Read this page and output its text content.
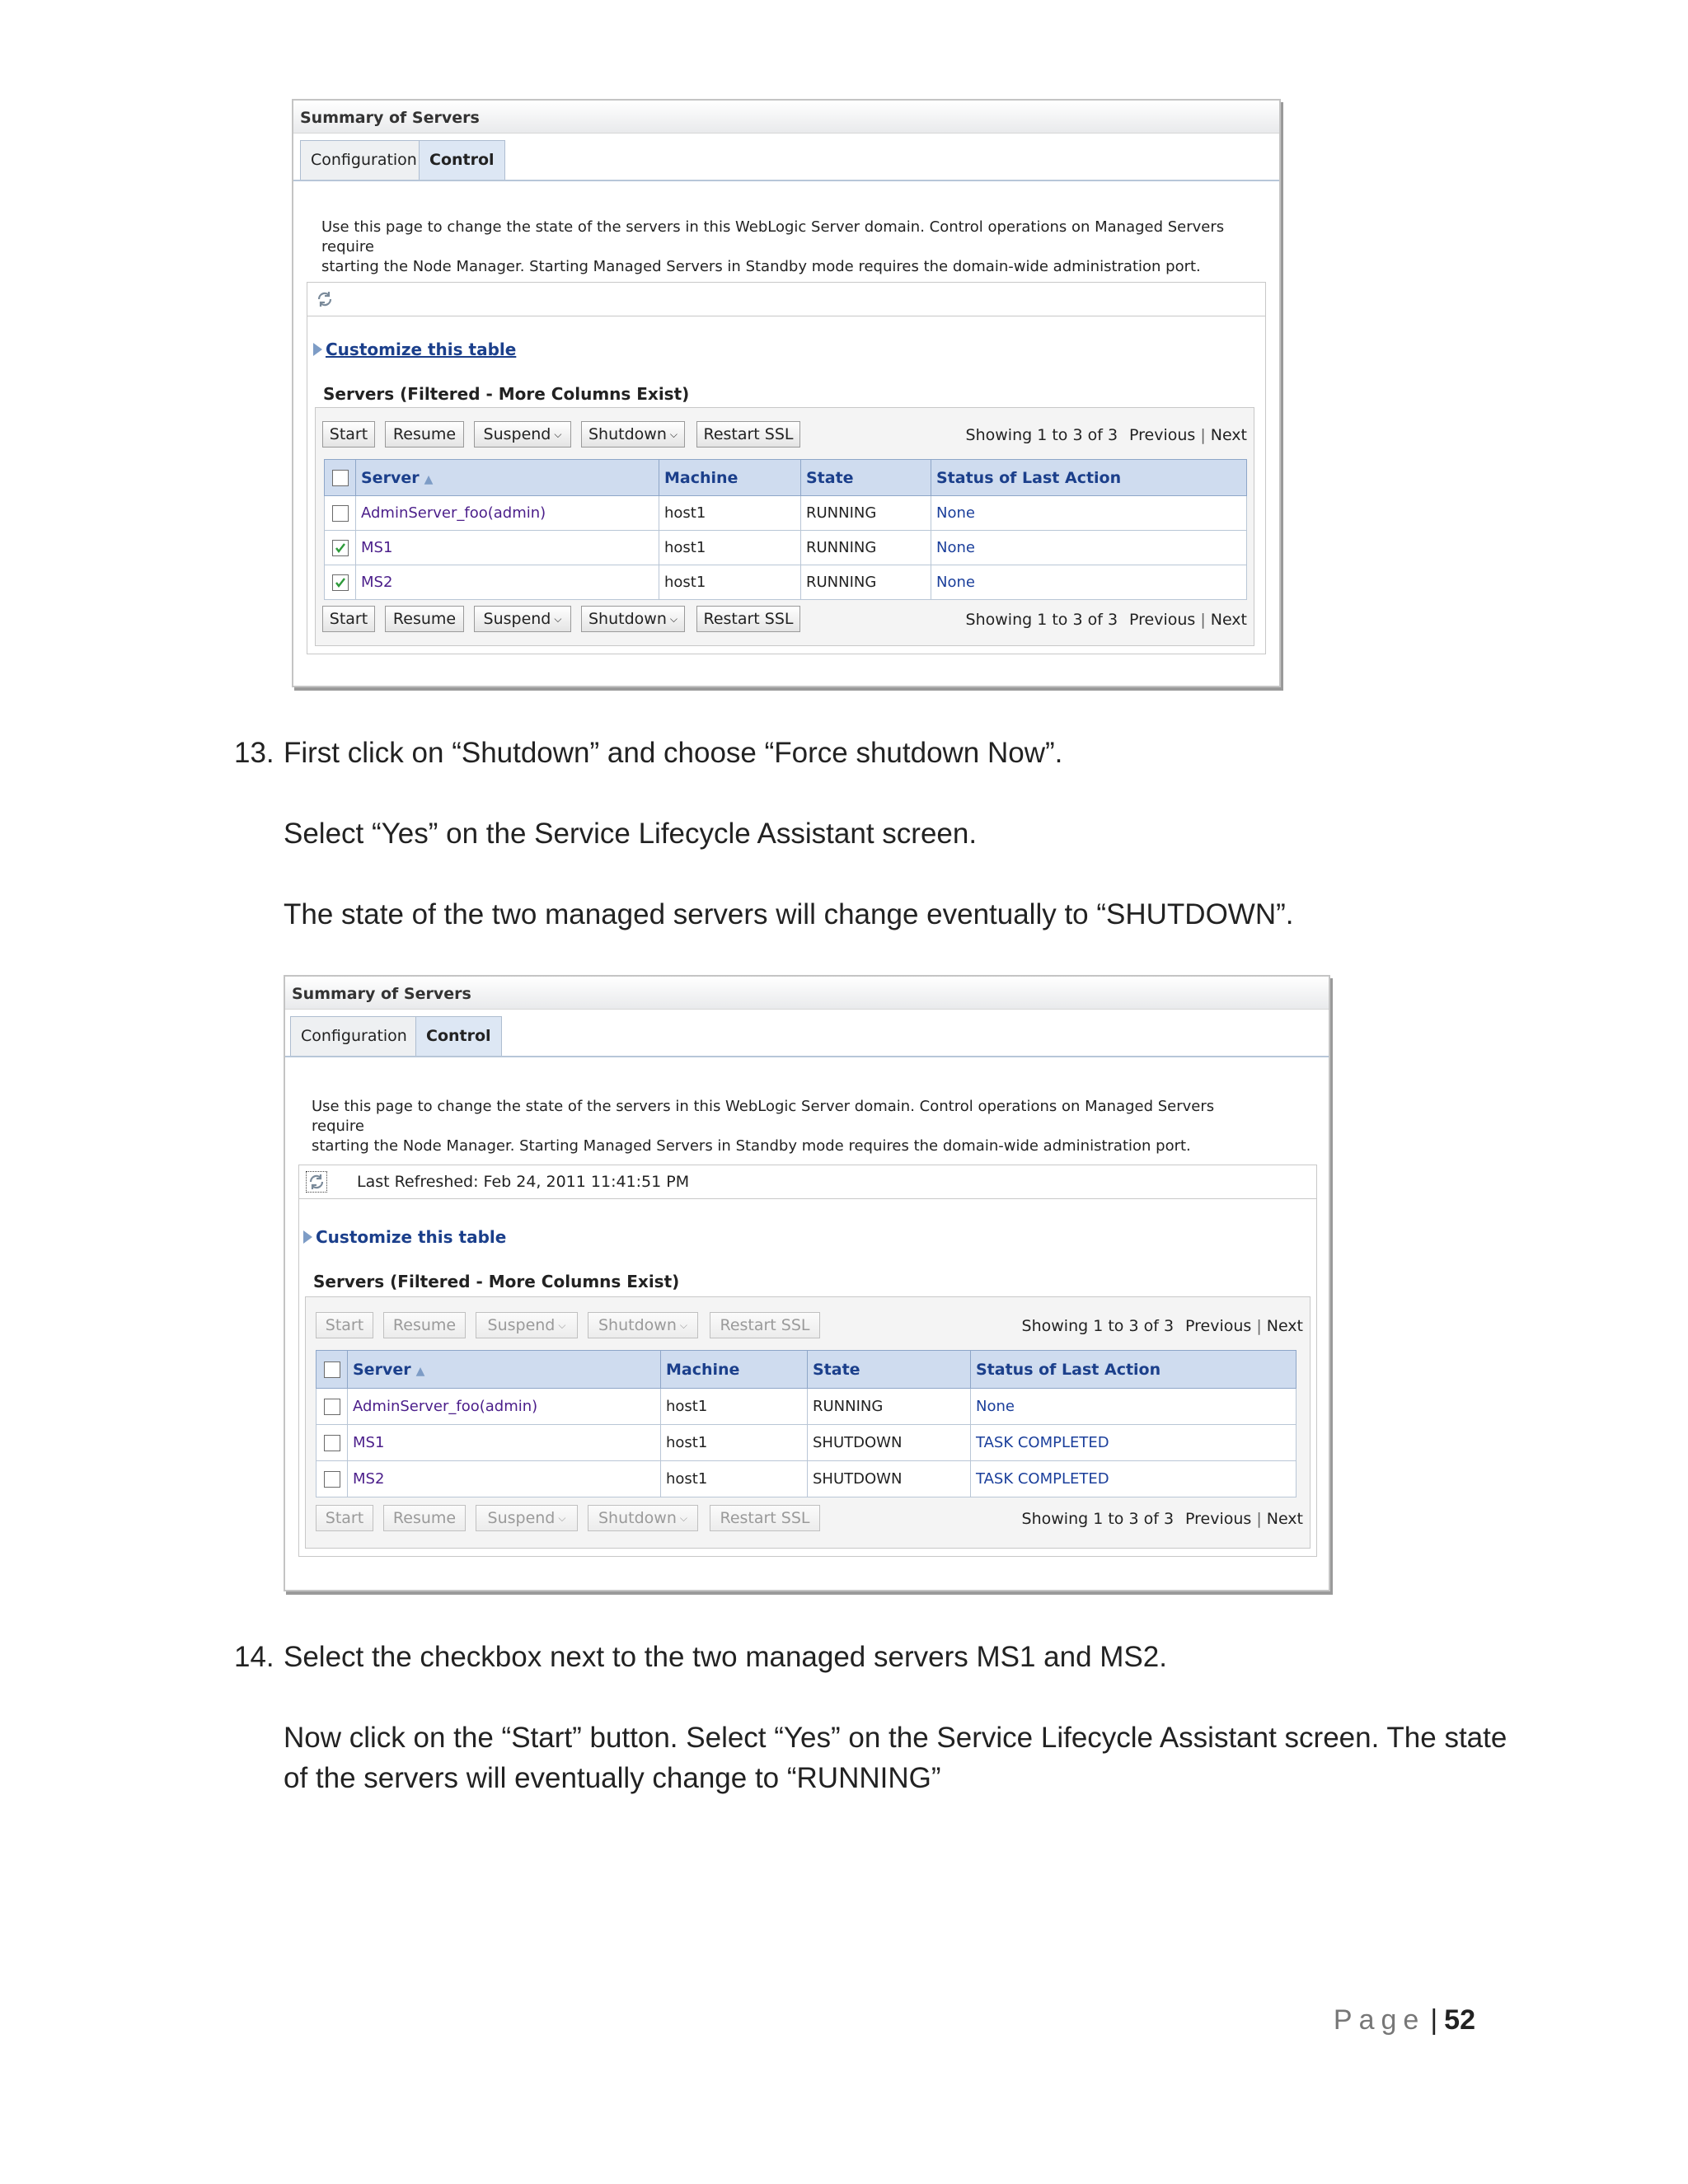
Summary of Servers
Configuration Control
Use this page to change the state of the servers in this WebLogic Server domain. Control operations on Managed Servers require
starting the Node Manager. Starting Managed Servers in Standby mode requires the domain-wide administration port.
Customize this table
Servers (Filtered - More Columns Exist)
Start	Resume	Suspend ⌵ Shutdown ⌵	Restart SSL	Showing 1 to 3 of 3 Previous | Next
	Server ▲	Machine	State	Status of Last Action
	AdminServer_foo(admin)	host1	RUNNING	None

	MS1	host1	RUNNING	None

	MS2	host1	RUNNING	None
Start	Resume	Suspend ⌵ Shutdown ⌵	Restart SSL	Showing 1 to 3 of 3 Previous | Next
13. First click on “Shutdown” and choose “Force shutdown Now”.
Select “Yes” on the Service Lifecycle Assistant screen.
The state of the two managed servers will change eventually to “SHUTDOWN”.
Summary of Servers
Configuration	Control
Use this page to change the state of the servers in this WebLogic Server domain. Control operations on Managed Servers require
starting the Node Manager. Starting Managed Servers in Standby mode requires the domain-wide administration port.
Last Refreshed: Feb 24, 2011 11:41:51 PM
Customize this table
Servers (Filtered - More Columns Exist)
Start	Resume	Suspend ⌵ Shutdown ⌵	Restart SSL	Showing 1 to 3 of 3 Previous | Next
	Server ▲	Machine	State	Status of Last Action
	AdminServer_foo(admin)	host1	RUNNING	None
	MS1	host1	SHUTDOWN	TASK COMPLETED
	MS2	host1	SHUTDOWN	TASK COMPLETED
Start	Resume	Suspend ⌵ Shutdown ⌵	Restart SSL	Showing 1 to 3 of 3 Previous | Next
14. Select the checkbox next to the two managed servers MS1 and MS2.
Now click on the “Start” button. Select “Yes” on the Service Lifecycle Assistant screen. The state
of the servers will eventually change to “RUNNING”
Page | 52
